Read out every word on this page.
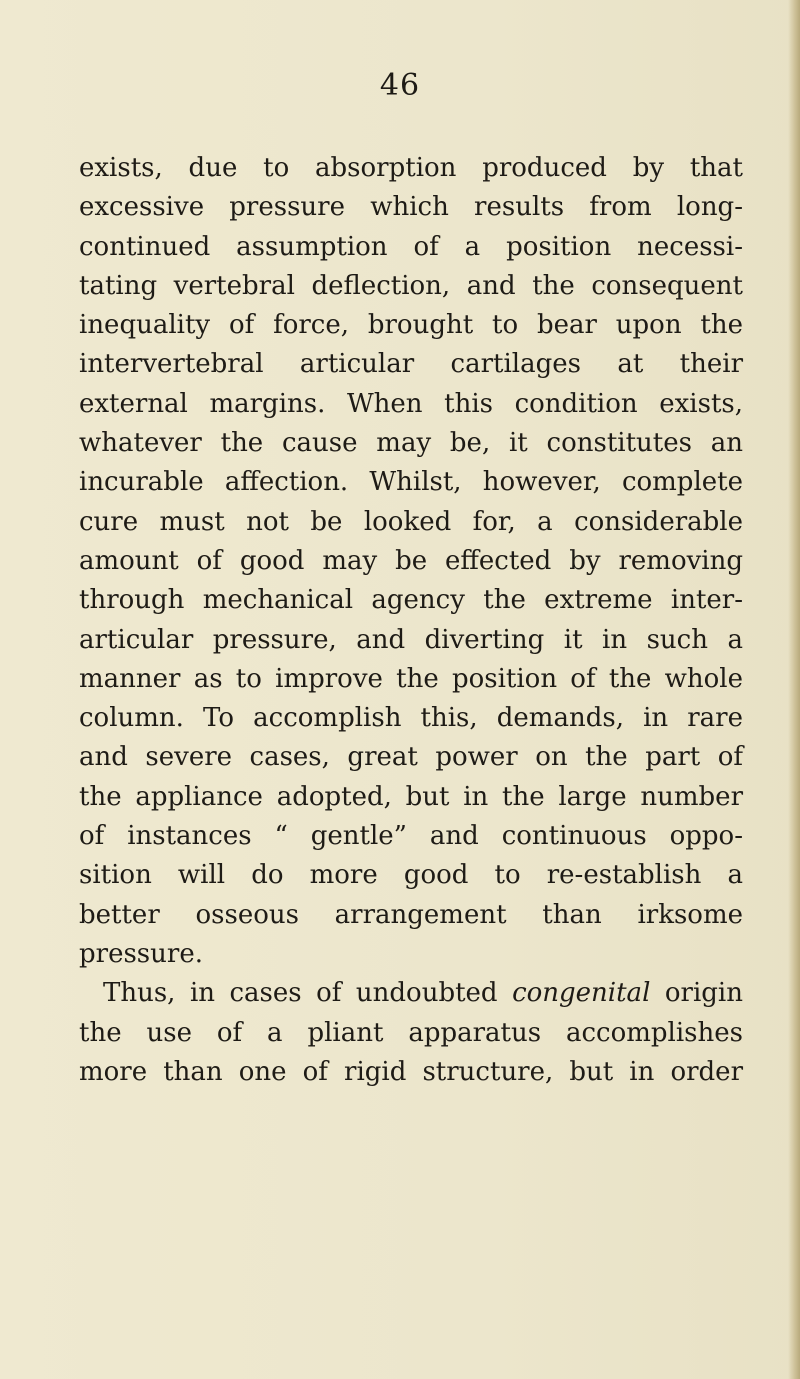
46
exists, due to absorption produced by that
excessive pressure which results from long-
continued assumption of a position necessi-
tating vertebral deflection, and the consequent
inequality of force, brought to bear upon the
intervertebral articular cartilages at their
external margins. When this condition exists,
whatever the cause may be, it constitutes an
incurable affection. Whilst, however, complete
cure must not be looked for, a considerable
amount of good may be effected by removing
through mechanical agency the extreme inter-
articular pressure, and diverting it in such a
manner as to improve the position of the whole
column. To accomplish this, demands, in rare
and severe cases, great power on the part of
the appliance adopted, but in the large number
of instances “ gentle” and continuous oppo-
sition will do more good to re-establish a
better osseous arrangement than irksome
pressure.
Thus, in cases of undoubted congenital origin
the use of a pliant apparatus accomplishes
more than one of rigid structure, but in order
